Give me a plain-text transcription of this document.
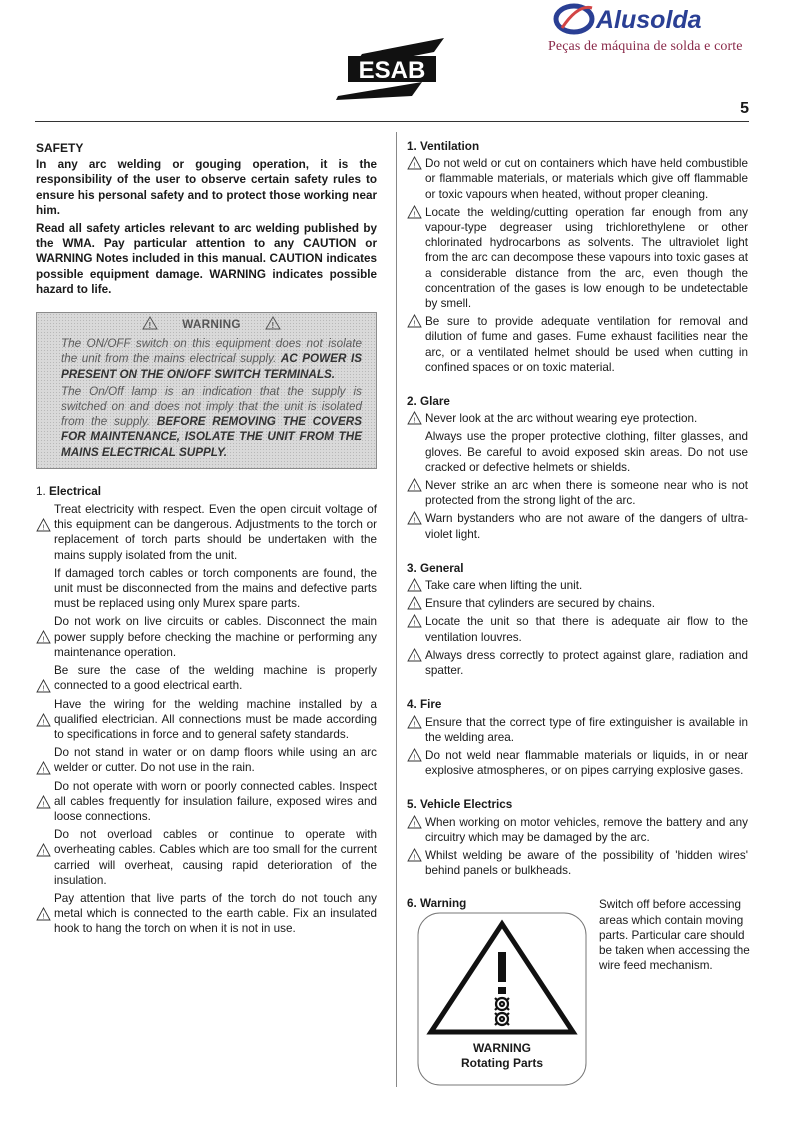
ESAB
Alusolda
Peças de máquina de solda e corte
5
SAFETY

In any arc welding or gouging operation, it is the responsibility of the user to observe certain safety rules to ensure his personal safety and to protect those working near him.

Read all safety articles relevant to arc welding published by the WMA. Pay particular attention to any CAUTION or WARNING Notes included in this manual. CAUTION indicates possible equipment damage. WARNING indicates possible hazard to life.

!	WARNING	!

The ON/OFF switch on this equipment does not isolate the unit from the mains electrical supply. AC POWER IS PRESENT ON THE ON/OFF SWITCH TERMINALS.

The On/Off lamp is an indication that the supply is switched on and does not imply that the unit is isolated from the supply. BEFORE REMOVING THE COVERS FOR MAINTENANCE, ISOLATE THE UNIT FROM THE MAINS ELECTRICAL SUPPLY.

1. Electrical

!
Treat electricity with respect. Even the open circuit voltage of this equipment can be dangerous. Adjustments to the torch or replacement of torch parts should be undertaken with the mains supply isolated from the unit.
If damaged torch cables or torch components are found, the unit must be disconnected from the mains and defective parts must be replaced using only Murex spare parts.
!
Do not work on live circuits or cables. Disconnect the main power supply before checking the machine or performing any maintenance operation.
!
Be sure the case of the welding machine is properly connected to a good electrical earth.
!
Have the wiring for the welding machine installed by a qualified electrician. All connections must be made according to specifications in force and to general safety standards.
!
Do not stand in water or on damp floors while using an arc welder or cutter. Do not use in the rain.
!
Do not operate with worn or poorly connected cables. Inspect all cables frequently for insulation failure, exposed wires and loose connections.
!
Do not overload cables or continue to operate with overheating cables. Cables which are too small for the current carried will overheat, causing rapid deterioration of the insulation.
!
Pay attention that live parts of the torch do not touch any metal which is connected to the earth cable. Fix an insulated hook to hang the torch on when it is not in use.

1. Ventilation

! Do not weld or cut on containers which have held combustible or flammable materials, or materials which give off flammable or toxic vapours when heated, without proper cleaning.
! Locate the welding/cutting operation far enough from any vapour-type degreaser using trichlorethylene or other chlorinated hydrocarbons as solvents. The ultraviolet light from the arc can decompose these vapours into toxic gases at a considerable distance from the arc, even though the concentration of the gases is low enough to be undetectable by smell.
! Be sure to provide adequate ventilation for removal and dilution of fume and gases. Fume exhaust facilities near the arc, or a ventilated helmet should be used when cutting in confined spaces or on toxic material.

2. Glare

! Never look at the arc without wearing eye protection.
Always use the proper protective clothing, filter glasses, and gloves. Be careful to avoid exposed skin areas. Do not use cracked or defective helmets or shields.
! Never strike an arc when there is someone near who is not protected from the strong light of the arc.
! Warn bystanders who are not aware of the dangers of ultra-violet light.

3. General

! Take care when lifting the unit.
! Ensure that cylinders are secured by chains.
! Locate the unit so that there is adequate air flow to the ventilation louvres.
! Always dress correctly to protect against glare, radiation and spatter.

4. Fire

! Ensure that the correct type of fire extinguisher is available in the welding area.
! Do not weld near flammable materials or liquids, in or near explosive atmospheres, or on pipes carrying explosive gases.

5. Vehicle Electrics

! When working on motor vehicles, remove the battery and any circuitry which may be damaged by the arc.
! Whilst welding be aware of the possibility of 'hidden wires' behind panels or bulkheads.

6. Warning

WARNING
Rotating Parts
Switch off before accessing areas which contain moving parts. Particular care should be taken when accessing the wire feed mechanism.
